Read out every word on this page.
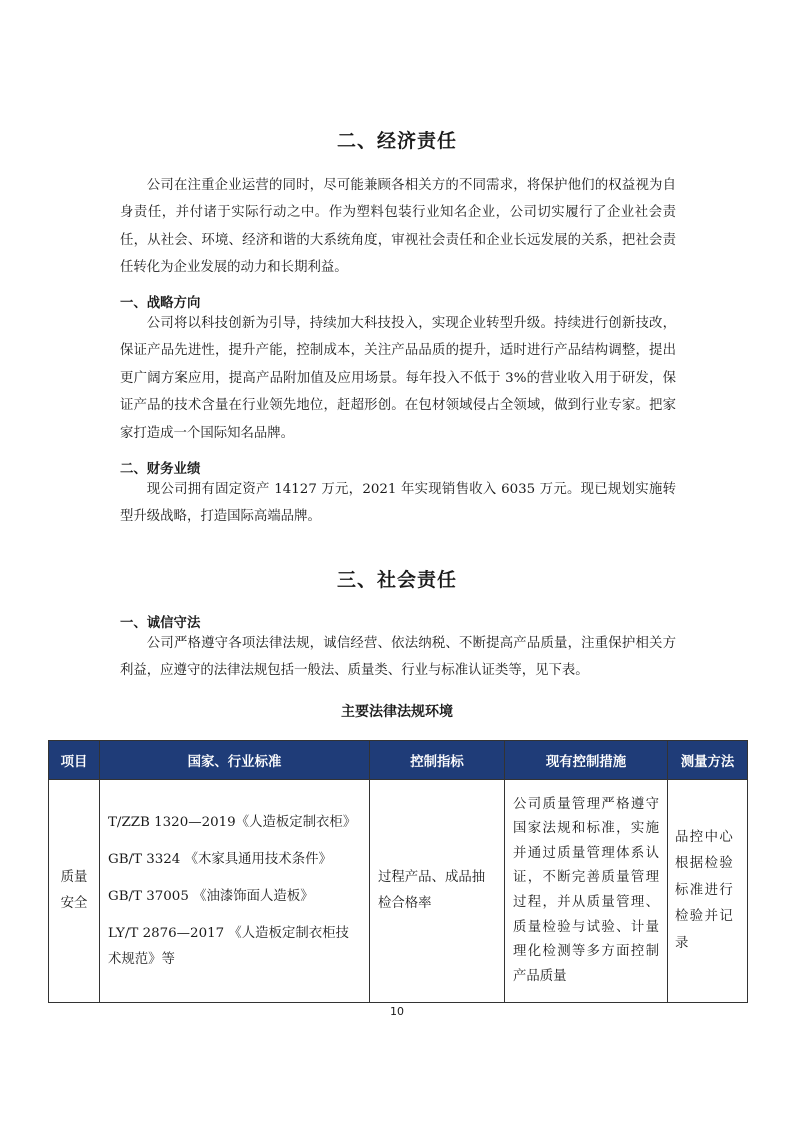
二、经济责任

公司在注重企业运营的同时，尽可能兼顾各相关方的不同需求，将保护他们的权益视为自身责任，并付诸于实际行动之中。作为塑料包装行业知名企业，公司切实履行了企业社会责任，从社会、环境、经济和谐的大系统角度，审视社会责任和企业长远发展的关系，把社会责任转化为企业发展的动力和长期利益。

一、战略方向

公司将以科技创新为引导，持续加大科技投入，实现企业转型升级。持续进行创新技改，保证产品先进性，提升产能，控制成本，关注产品品质的提升，适时进行产品结构调整，提出更广阔方案应用，提高产品附加值及应用场景。每年投入不低于 3%的营业收入用于研发，保证产品的技术含量在行业领先地位，赶超形创。在包材领域侵占全领域，做到行业专家。把家家打造成一个国际知名品牌。

二、财务业绩

现公司拥有固定资产 14127 万元，2021 年实现销售收入 6035 万元。现已规划实施转型升级战略，打造国际高端品牌。

三、社会责任
一、诚信守法

公司严格遵守各项法律法规，诚信经营、依法纳税、不断提高产品质量，注重保护相关方利益，应遵守的法律法规包括一般法、质量类、行业与标准认证类等，见下表。

主要法律法规环境
项目	国家、行业标准	控制指标	现有控制措施	测量方法
质量安全	T/ZZB 1320—2019《人造板定制衣柜》
GB/T 3324 《木家具通用技术条件》
GB/T 37005 《油漆饰面人造板》
LY/T 2876—2017 《人造板定制衣柜技术规范》等	过程产品、成品抽检合格率	公司质量管理严格遵守国家法规和标准，实施并通过质量管理体系认证，不断完善质量管理过程，并从质量管理、质量检验与试验、计量理化检测等多方面控制产品质量	品控中心根据检验标准进行检验并记录
10
